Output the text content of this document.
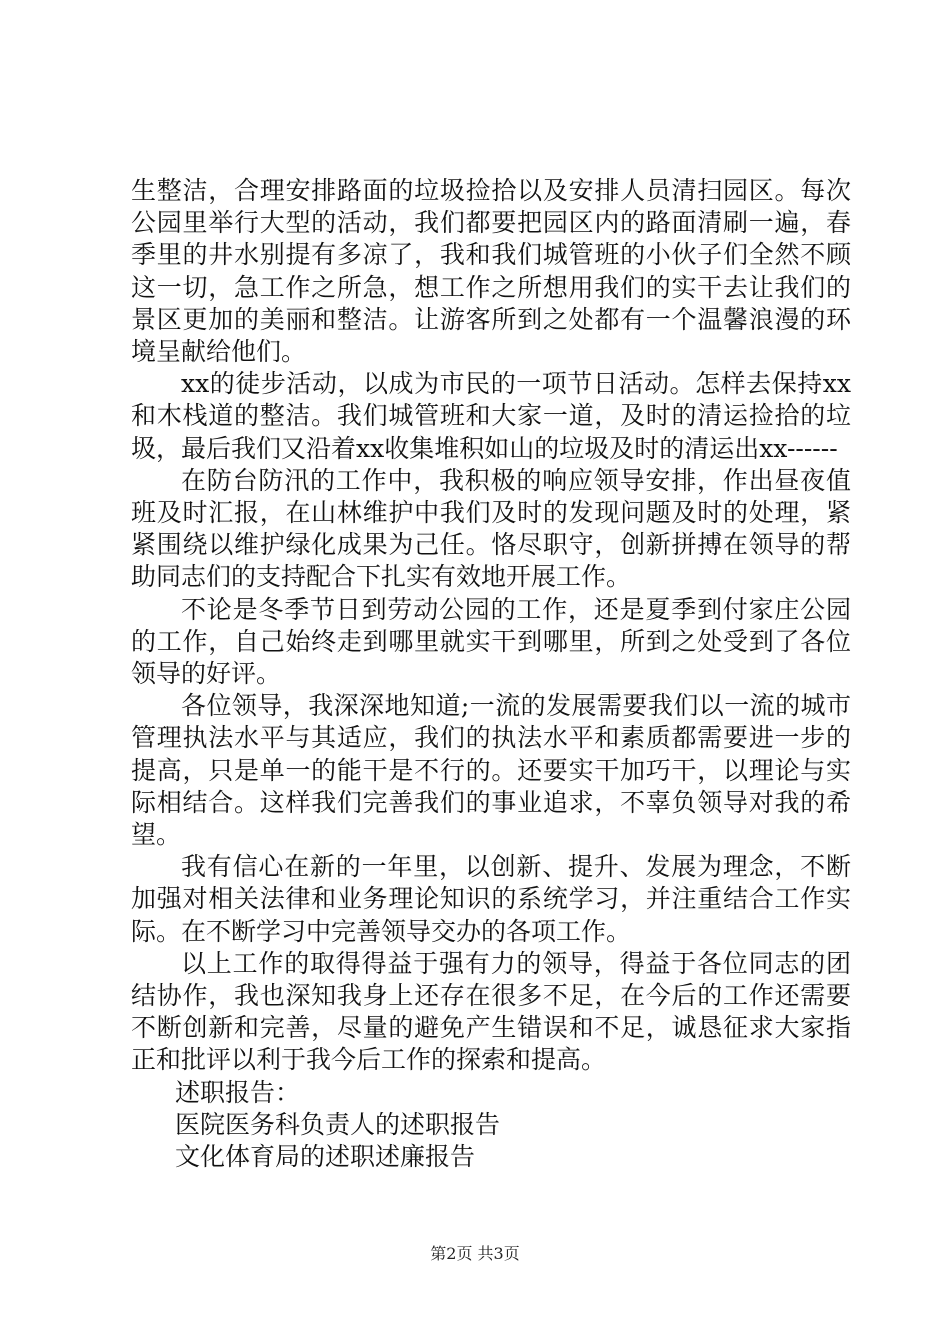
生整洁，合理安排路面的垃圾捡拾以及安排人员清扫园区。每次公园里举行大型的活动，我们都要把园区内的路面清刷一遍，春季里的井水别提有多凉了，我和我们城管班的小伙子们全然不顾这一切，急工作之所急，想工作之所想用我们的实干去让我们的景区更加的美丽和整洁。让游客所到之处都有一个温馨浪漫的环境呈献给他们。

xx的徒步活动，以成为市民的一项节日活动。怎样去保持xx和木栈道的整洁。我们城管班和大家一道，及时的清运捡拾的垃圾，最后我们又沿着xx收集堆积如山的垃圾及时的清运出xx------

在防台防汛的工作中，我积极的响应领导安排，作出昼夜值班及时汇报，在山林维护中我们及时的发现问题及时的处理，紧紧围绕以维护绿化成果为己任。恪尽职守，创新拼搏在领导的帮助同志们的支持配合下扎实有效地开展工作。

不论是冬季节日到劳动公园的工作，还是夏季到付家庄公园的工作，自己始终走到哪里就实干到哪里，所到之处受到了各位领导的好评。

各位领导，我深深地知道;一流的发展需要我们以一流的城市管理执法水平与其适应，我们的执法水平和素质都需要进一步的提高，只是单一的能干是不行的。还要实干加巧干，以理论与实际相结合。这样我们完善我们的事业追求，不辜负领导对我的希望。

我有信心在新的一年里，以创新、提升、发展为理念，不断加强对相关法律和业务理论知识的系统学习，并注重结合工作实际。在不断学习中完善领导交办的各项工作。

以上工作的取得得益于强有力的领导，得益于各位同志的团结协作，我也深知我身上还存在很多不足，在今后的工作还需要不断创新和完善，尽量的避免产生错误和不足，诚恳征求大家指正和批评以利于我今后工作的探索和提高。

述职报告：

医院医务科负责人的述职报告

文化体育局的述职述廉报告

第2页 共3页
